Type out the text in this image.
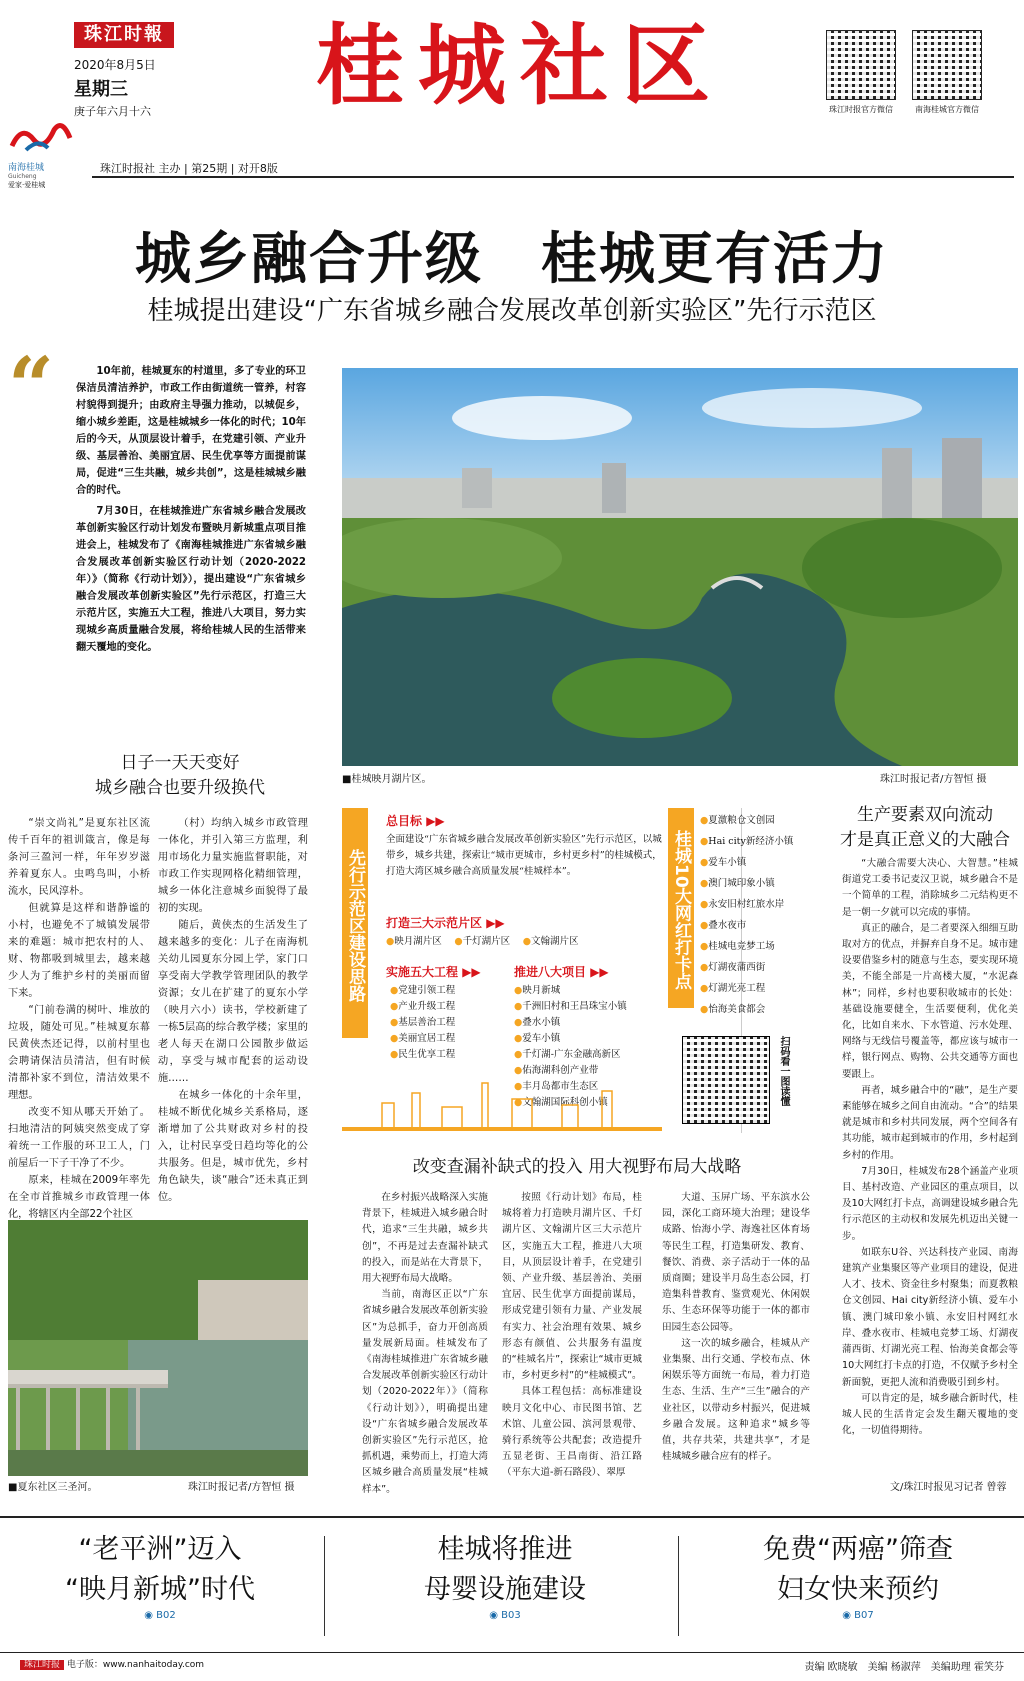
珠江时報
2020年8月5日
星期三
庚子年六月十六	桂城社区	珠江时报官方微信	南海桂城官方微信
南海桂城
Guicheng
爱家·爱桂城
珠江时报社 主办 | 第25期 | 对开8版
城乡融合升级　桂城更有活力
桂城提出建设“广东省城乡融合发展改革创新实验区”先行示范区
“	10年前，桂城夏东的村道里，多了专业的环卫保洁员清洁养护，市政工作由街道统一管养，村容村貌得到提升；由政府主导强力推动，以城促乡，缩小城乡差距，这是桂城城乡一体化的时代；10年后的今天，从顶层设计着手，在党建引领、产业升级、基层善治、美丽宜居、民生优享等方面提前谋局，促进“三生共融，城乡共创”，这是桂城城乡融合的时代。

7月30日，在桂城推进广东省城乡融合发展改革创新实验区行动计划发布暨映月新城重点项目推进会上，桂城发布了《南海桂城推进广东省城乡融合发展改革创新实验区行动计划（2020-2022年）》（简称《行动计划》），提出建设“广东省城乡融合发展改革创新实验区”先行示范区，打造三大示范片区，实施五大工程，推进八大项目，努力实现城乡高质量融合发展，将给桂城人民的生活带来翻天覆地的变化。

■桂城映月湖片区。	珠江时报记者/方智恒 摄
日子一天天变好
城乡融合也要升级换代

“崇文尚礼”是夏东社区流传千百年的祖训箴言，像是每条河三盈河一样，年年岁岁滋养着夏东人。虫鸣鸟叫，小桥流水，民风淳朴。

但就算是这样和谐静谧的小村，也避免不了城镇发展带来的难题：城市把农村的人、财、物都吸到城里去，越来越少人为了维护乡村的美丽而留下来。

“门前卷满的树叶、堆放的垃圾，随处可见。”桂城夏东幕民黄侠杰还记得，以前村里也会聘请保洁员清洁，但有时候清都补家不到位，清洁效果不理想。

改变不知从哪天开始了。扫地清洁的阿姨突然变成了穿着统一工作服的环卫工人，门前屋后一下子干净了不少。

原来，桂城在2009年率先在全市首推城乡市政管理一体化，将辖区内全部22个社区

（村）均纳入城乡市政管理一体化，并引入第三方监理，利用市场化力量实施监督职能，对市政工作实现网格化精细管理，城乡一体化注意城乡面貌得了最初的实现。

随后，黄侠杰的生活发生了越来越多的变化：儿子在南海机关幼儿园夏东分园上学，家门口享受南大学教学管理团队的教学资源；女儿在扩建了的夏东小学（映月六小）读书，学校新建了一栋5层高的综合教学楼；家里的老人每天在湖口公园散步做运动，享受与城市配套的运动设施……

在城乡一体化的十余年里，桂城不断优化城乡关系格局，逐渐增加了公共财政对乡村的投入，让村民享受日趋均等化的公共服务。但是，城市优先，乡村角色缺失，谈“融合”还未真正到位。

先行示范区建设思路
总目标 ▶▶
全面建设“广东省城乡融合发展改革创新实验区”先行示范区，以城带乡，城乡共建，探索让“城市更城市，乡村更乡村”的桂城模式，打造大湾区城乡融合高质量发展“桂城样本”。
打造三大示范片区 ▶▶
●映月湖片区　 ●千灯湖片区　 ●文翰湖片区
实施五大工程 ▶▶
●党建引领工程
●产业升级工程
●基层善治工程
●美丽宜居工程
●民生优享工程
推进八大项目 ▶▶
●映月新城
●千洲旧村和王昌珠宝小镇
●叠水小镇
●爱车小镇
●千灯湖-广东金融高新区
●佑海湖科创产业带
●丰月岛都市生态区
●文翰湖国际科创小镇
桂城10大网红打卡点
●夏激粮仓文创园
●Hai city新经济小镇
●爱车小镇
●澳门城印象小镇
●永安旧村红旅水岸
●叠水夜市
●桂城电竞梦工场
●灯湖夜蒲西街
●灯湖光亮工程
●怡海美食都会
扫码看一图读懂
生产要素双向流动
才是真正意义的大融合

“大融合需要大决心、大智慧。”桂城街道党工委书记麦汉卫说，城乡融合不是一个简单的工程，消除城乡二元结构更不是一朝一夕就可以完成的事情。

真正的融合，是二者要深入细细互助取对方的优点，并摒弃自身不足。城市建设要借鉴乡村的随意与生态，要实现环境美，不能全部是一片高楼大厦，“水泥森林”；同样，乡村也要积收城市的长处：基础设施要健全，生活要便利，优化美化，比如自来水、下水管道、污水处理、网络与无线信号覆盖等，都应该与城市一样，银行网点、购物、公共交通等方面也要跟上。

再者，城乡融合中的“融”，是生产要素能够在城乡之间自由流动。“合”的结果就是城市和乡村共同发展，两个空间各有其功能，城市起到城市的作用，乡村起到乡村的作用。

7月30日，桂城发布28个涵盖产业项目、基村改造、产业园区的重点项目，以及10大网红打卡点，高调建设城乡融合先行示范区的主动权和发展先机迈出关键一步。

如联东U谷、兴达科技产业园、南海建筑产业集聚区等产业项目的建设，促进人才、技术、资金往乡村聚集；而夏教粮仓文创园、Hai city新经济小镇、爱车小镇、澳门城印象小镇、永安旧村网红水岸、叠水夜市、桂城电竞梦工场、灯湖夜蒲西街、灯湖光亮工程、怡海美食都会等10大网红打卡点的打造，不仅赋予乡村全新面貌，更把人流和消费吸引到乡村。

可以肯定的是，城乡融合新时代，桂城人民的生活肯定会发生翻天覆地的变化，一切值得期待。

文/珠江时报见习记者 曾蓉
■夏东社区三圣河。	珠江时报记者/方智恒 摄
改变查漏补缺式的投入 用大视野布局大战略

在乡村振兴战略深入实施背景下，桂城进入城乡融合时代，追求“三生共融，城乡共创”，不再是过去查漏补缺式的投入，而是站在大背景下，用大视野布局大战略。

当前，南海区正以“广东省城乡融合发展改革创新实验区”为总抓手，奋力开创高质量发展新局面。桂城发布了《南海桂城推进广东省城乡融合发展改革创新实验区行动计划（2020-2022年）》（简称《行动计划》），明确提出建设“广东省城乡融合发展改革创新实验区”先行示范区，抢抓机遇，乘势而上，打造大湾区城乡融合高质量发展“桂城样本”。

按照《行动计划》布局，桂城将着力打造映月湖片区、千灯湖片区、文翰湖片区三大示范片区，实施五大工程，推进八大项目，从顶层设计着手，在党建引领、产业升级、基层善治、美丽宜居、民生优享方面提前谋局，形成党建引领有力量、产业发展有实力、社会治理有效果、城乡形态有颜值、公共服务有温度的“桂城名片”，探索让“城市更城市，乡村更乡村”的“桂城模式”。

具体工程包括：高标准建设映月文化中心、市民图书馆、艺术馆、儿童公园、滨河景观带、骑行系统等公共配套；改造提升五显老街、王昌南街、沿江路（平东大道-新石路段）、翠厚

大道、玉屏广场、平东滨水公园，深化工商环境大治理；建设华成路、怡海小学、海逸社区体育场等民生工程，打造集研发、教育、餐饮、消费、亲子活动于一体的品质商圈；建设半月岛生态公园，打造集科普教育、鉴赏观光、休闲娱乐、生态环保等功能于一体的都市田园生态公园等。

这一次的城乡融合，桂城从产业集聚、出行交通、学校布点、休闲娱乐等方面统一布局，着力打造生态、生活、生产“三生”融合的产业社区，以带动乡村振兴，促进城乡融合发展。这种追求“城乡等值，共存共荣，共建共享”，才是桂城城乡融合应有的样子。

“老平洲”迈入
“映月新城”时代
◉ B02
桂城将推进
母婴设施建设
◉ B03
免费“两癌”筛查
妇女快来预约
◉ B07
珠江时报 电子版：www.nanhaitoday.com	责编 欧晓敏　美编 杨淑萍　美编助理 霍笑芬
